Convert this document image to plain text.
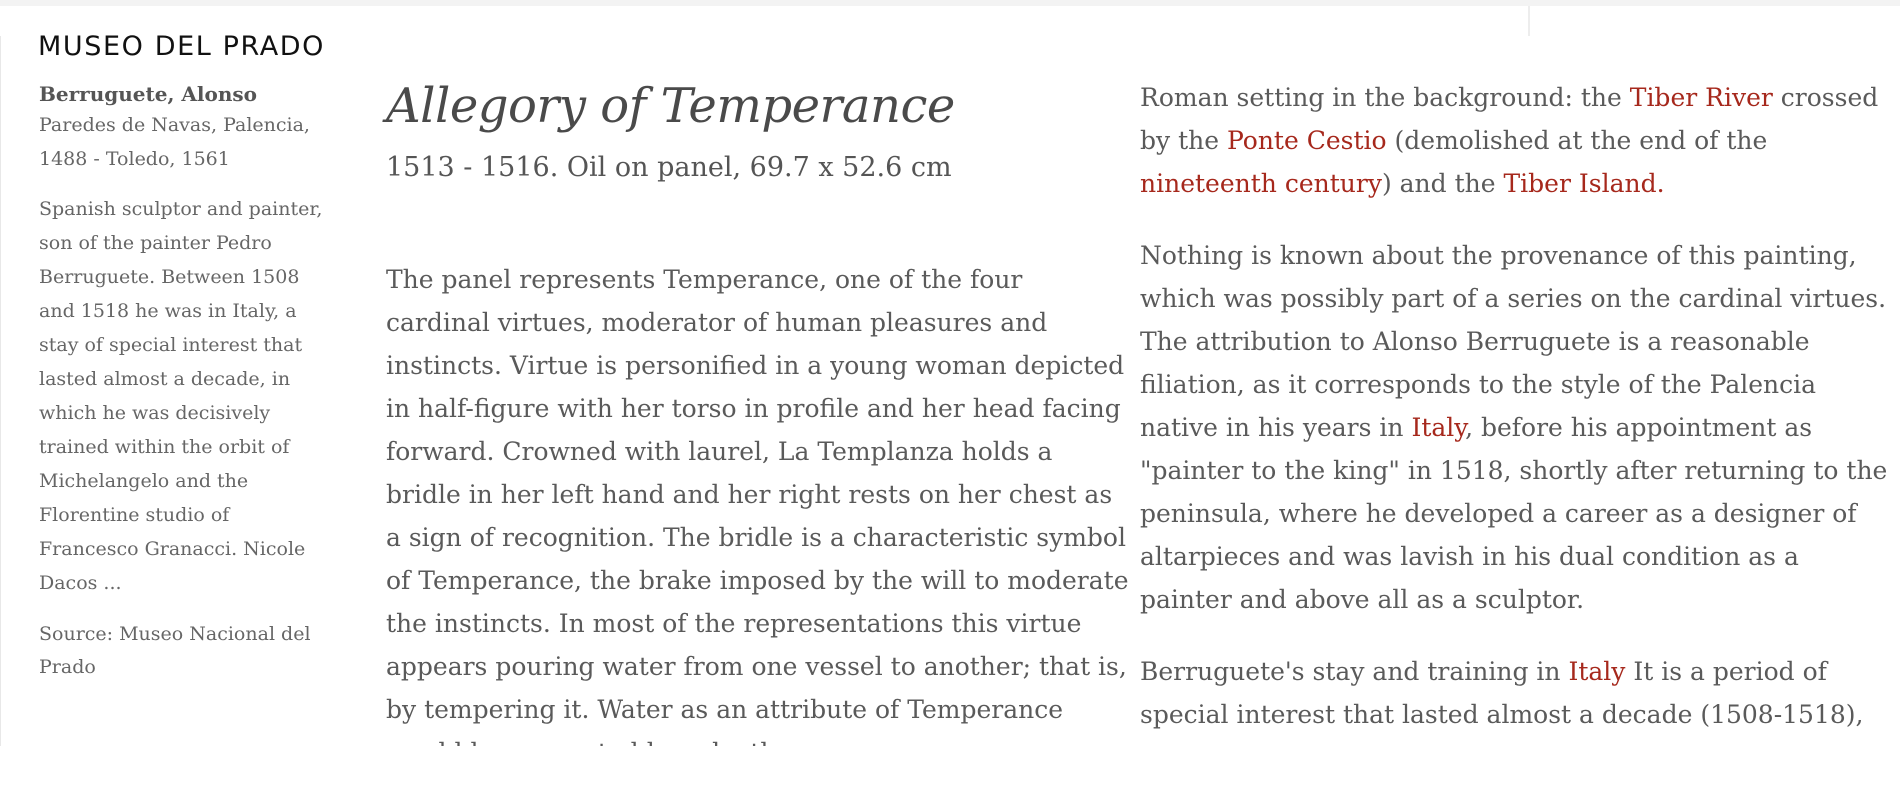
MUSEO DEL PRADO
Berruguete, Alonso
Paredes de Navas, Palencia, 1488 - Toledo, 1561
Spanish sculptor and painter, son of the painter Pedro Berruguete. Between 1508 and 1518 he was in Italy, a stay of special interest that lasted almost a decade, in which he was decisively trained within the orbit of Michelangelo and the Florentine studio of Francesco Granacci. Nicole Dacos ...
Source: Museo Nacional del Prado
Allegory of Temperance
1513 - 1516. Oil on panel, 69.7 x 52.6 cm

The panel represents Temperance, one of the four cardinal virtues, moderator of human pleasures and instincts. Virtue is personified in a young woman depicted in half-figure with her torso in profile and her head facing forward. Crowned with laurel, La Templanza holds a bridle in her left hand and her right rests on her chest as a sign of recognition. The bridle is a characteristic symbol of Temperance, the brake imposed by the will to moderate the instincts. In most of the representations this virtue appears pouring water from one vessel to another; that is, by tempering it. Water as an attribute of Temperance

Roman setting in the background: the Tiber River crossed by the Ponte Cestio (demolished at the end of the nineteenth century) and the Tiber Island.

Nothing is known about the provenance of this painting, which was possibly part of a series on the cardinal virtues. The attribution to Alonso Berruguete is a reasonable filiation, as it corresponds to the style of the Palencia native in his years in Italy, before his appointment as "painter to the king" in 1518, shortly after returning to the peninsula, where he developed a career as a designer of altarpieces and was lavish in his dual condition as a painter and above all as a sculptor.

Berruguete's stay and training in Italy It is a period of special interest that lasted almost a decade (1508-1518),
